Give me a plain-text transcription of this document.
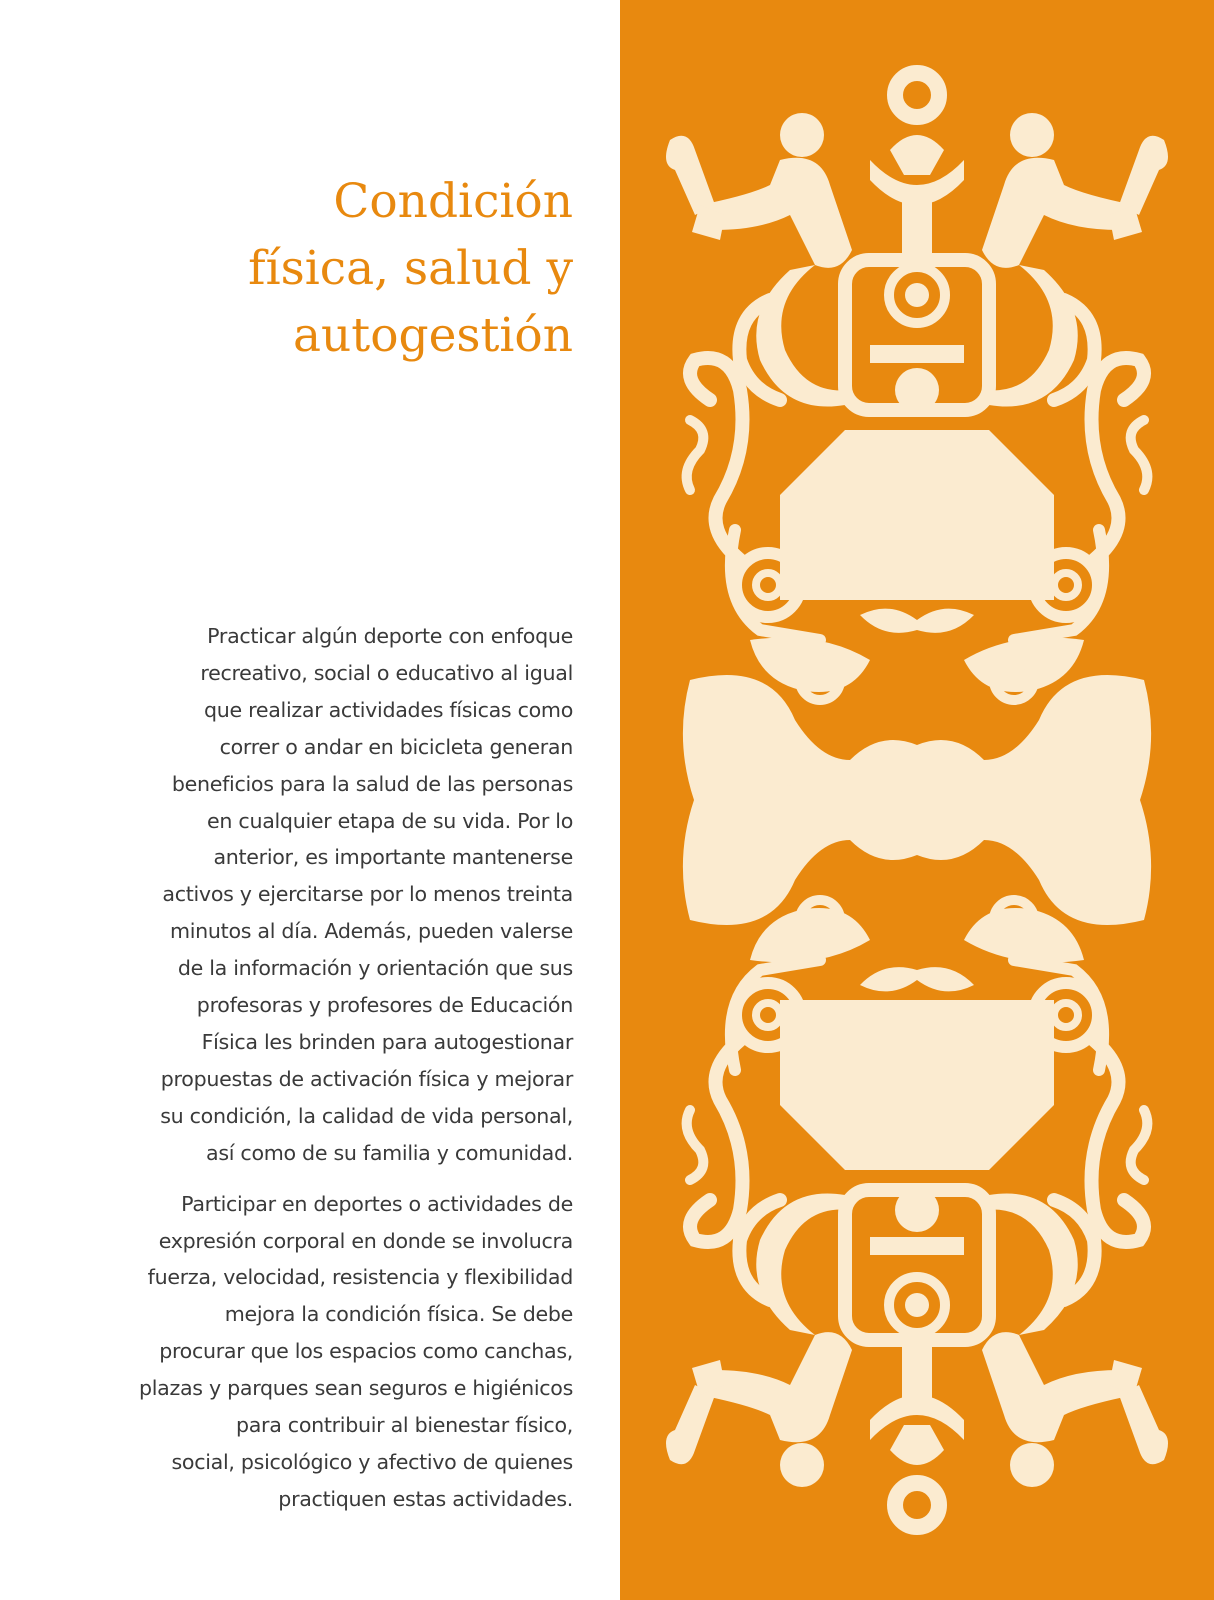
Condición
física, salud y
autogestión

Practicar algún deporte con enfoque
recreativo, social o educativo al igual
que realizar actividades físicas como
correr o andar en bicicleta generan
beneficios para la salud de las personas
en cualquier etapa de su vida. Por lo
anterior, es importante mantenerse
activos y ejercitarse por lo menos treinta
minutos al día. Además, pueden valerse
de la información y orientación que sus
profesoras y profesores de Educación
Física les brinden para autogestionar
propuestas de activación física y mejorar
su condición, la calidad de vida personal,
así como de su familia y comunidad.

Participar en deportes o actividades de
expresión corporal en donde se involucra
fuerza, velocidad, resistencia y flexibilidad
mejora la condición física. Se debe
procurar que los espacios como canchas,
plazas y parques sean seguros e higiénicos
para contribuir al bienestar físico,
social, psicológico y afectivo de quienes
practiquen estas actividades.
